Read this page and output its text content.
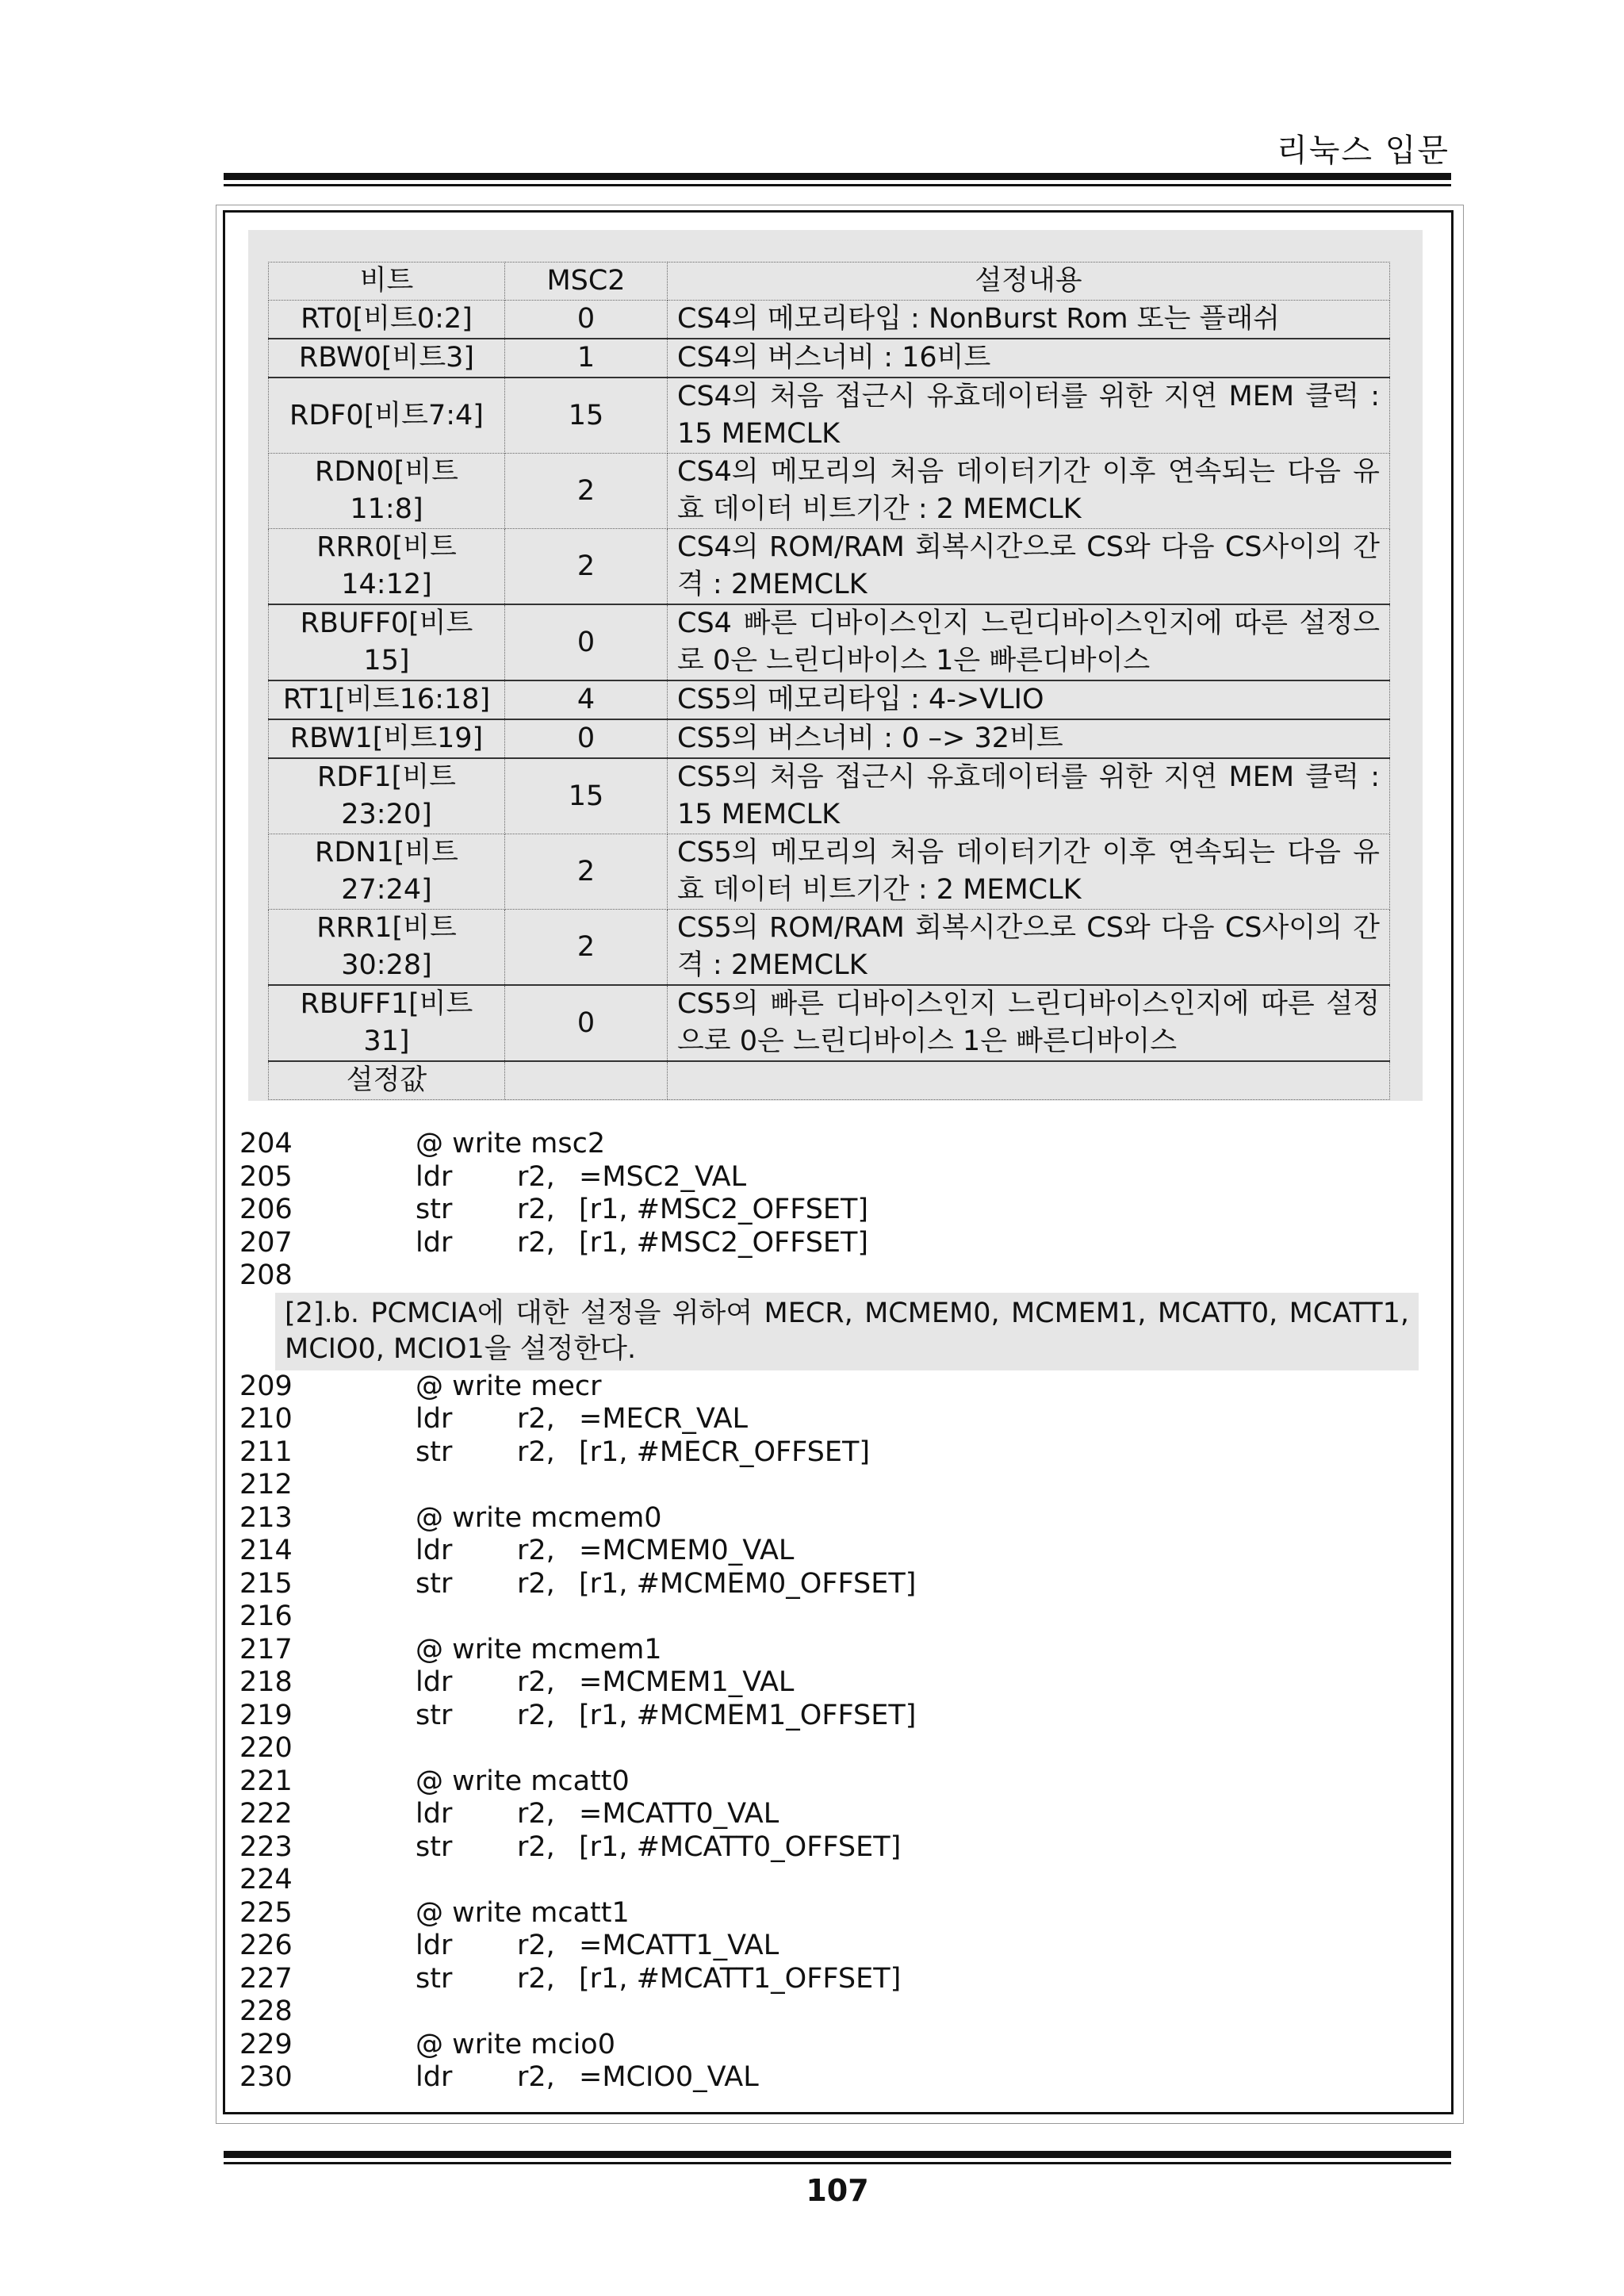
리눅스 입문
비트	MSC2	설정내용
RT0[비트0:2]	0	CS4의 메모리타입 : NonBurst Rom 또는 플래쉬
RBW0[비트3]	1	CS4의 버스너비 : 16비트
RDF0[비트7:4]	15	CS4의 처음 접근시 유효데이터를 위한 지연 MEM 클럭 : 15 MEMCLK
RDN0[비트11:8]	2	CS4의 메모리의 처음 데이터기간 이후 연속되는 다음 유효 데이터 비트기간 : 2 MEMCLK
RRR0[비트 14:12]	2	CS4의 ROM/RAM 회복시간으로 CS와 다음 CS사이의 간격 : 2MEMCLK
RBUFF0[비트 15]	0	CS4 빠른 디바이스인지 느린디바이스인지에 따른 설정으로 0은 느린디바이스 1은 빠른디바이스
RT1[비트16:18]	4	CS5의 메모리타입 : 4->VLIO
RBW1[비트19]	0	CS5의 버스너비 : 0 –> 32비트
RDF1[비트 23:20]	15	CS5의 처음 접근시 유효데이터를 위한 지연 MEM 클럭 : 15 MEMCLK
RDN1[비트 27:24]	2	CS5의 메모리의 처음 데이터기간 이후 연속되는 다음 유효 데이터 비트기간 : 2 MEMCLK
RRR1[비트 30:28]	2	CS5의 ROM/RAM 회복시간으로 CS와 다음 CS사이의 간격 : 2MEMCLK
RBUFF1[비트 31]	0	CS5의 빠른 디바이스인지 느린디바이스인지에 따른 설정으로 0은 느린디바이스 1은 빠른디바이스
설정값		
204	@ write msc2
205	ldr r2, =MSC2_VAL
206	str r2, [r1, #MSC2_OFFSET]
207	ldr r2, [r1, #MSC2_OFFSET]
208
[2].b. PCMCIA에 대한 설정을 위하여 MECR, MCMEM0, MCMEM1, MCATT0, MCATT1, MCIO0, MCIO1을 설정한다.
209	@ write mecr
210	ldr r2, =MECR_VAL
211	str r2, [r1, #MECR_OFFSET]
212
213	@ write mcmem0
214	ldr r2, =MCMEM0_VAL
215	str r2, [r1, #MCMEM0_OFFSET]
216
217	@ write mcmem1
218	ldr r2, =MCMEM1_VAL
219	str r2, [r1, #MCMEM1_OFFSET]
220
221	@ write mcatt0
222	ldr r2, =MCATT0_VAL
223	str r2, [r1, #MCATT0_OFFSET]
224
225	@ write mcatt1
226	ldr r2, =MCATT1_VAL
227	str r2, [r1, #MCATT1_OFFSET]
228
229	@ write mcio0
230	ldr r2, =MCIO0_VAL
107
